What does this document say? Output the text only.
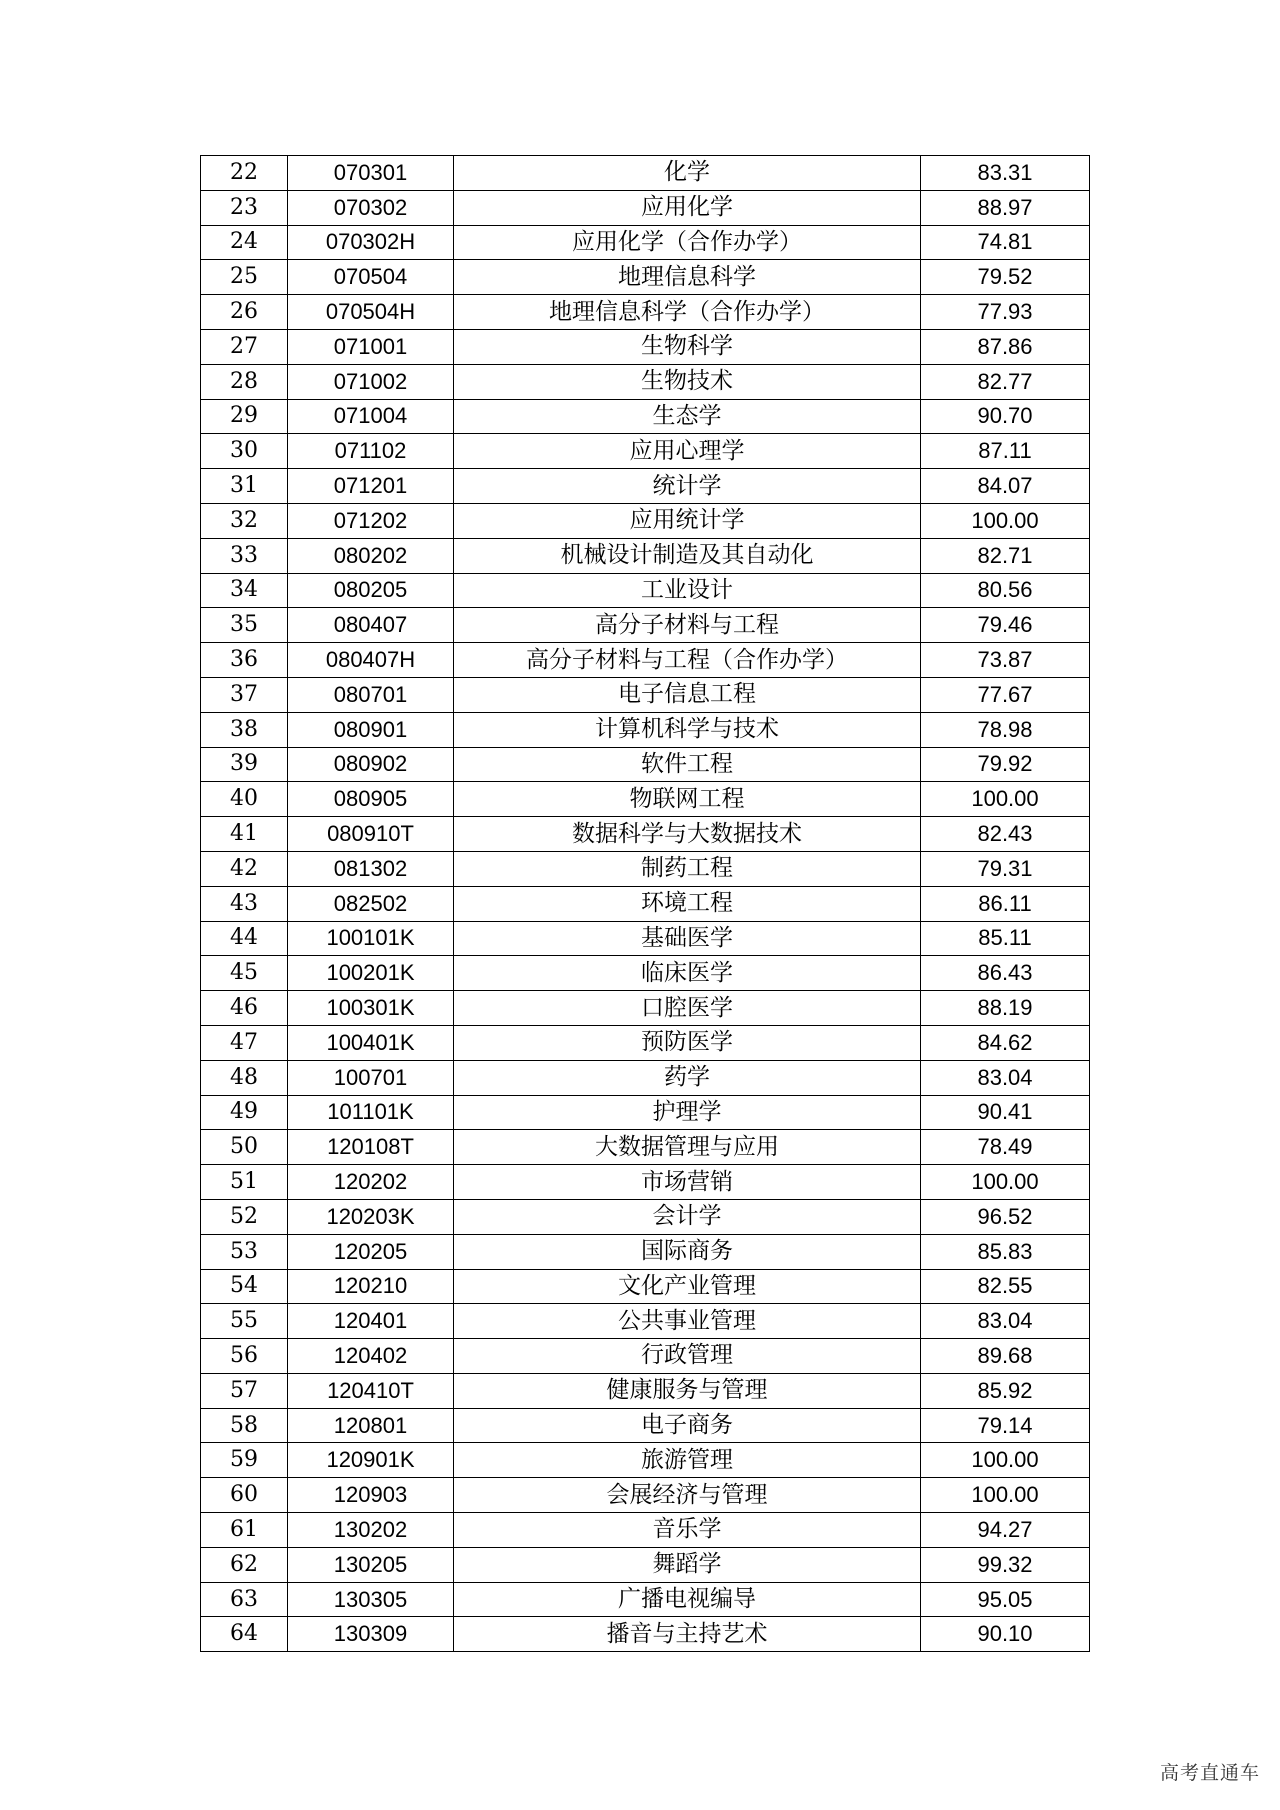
22	070301	化学	83.31
23	070302	应用化学	88.97
24	070302H	应用化学（合作办学）	74.81
25	070504	地理信息科学	79.52
26	070504H	地理信息科学（合作办学）	77.93
27	071001	生物科学	87.86
28	071002	生物技术	82.77
29	071004	生态学	90.70
30	071102	应用心理学	87.11
31	071201	统计学	84.07
32	071202	应用统计学	100.00
33	080202	机械设计制造及其自动化	82.71
34	080205	工业设计	80.56
35	080407	高分子材料与工程	79.46
36	080407H	高分子材料与工程（合作办学）	73.87
37	080701	电子信息工程	77.67
38	080901	计算机科学与技术	78.98
39	080902	软件工程	79.92
40	080905	物联网工程	100.00
41	080910T	数据科学与大数据技术	82.43
42	081302	制药工程	79.31
43	082502	环境工程	86.11
44	100101K	基础医学	85.11
45	100201K	临床医学	86.43
46	100301K	口腔医学	88.19
47	100401K	预防医学	84.62
48	100701	药学	83.04
49	101101K	护理学	90.41
50	120108T	大数据管理与应用	78.49
51	120202	市场营销	100.00
52	120203K	会计学	96.52
53	120205	国际商务	85.83
54	120210	文化产业管理	82.55
55	120401	公共事业管理	83.04
56	120402	行政管理	89.68
57	120410T	健康服务与管理	85.92
58	120801	电子商务	79.14
59	120901K	旅游管理	100.00
60	120903	会展经济与管理	100.00
61	130202	音乐学	94.27
62	130205	舞蹈学	99.32
63	130305	广播电视编导	95.05
64	130309	播音与主持艺术	90.10
高考直通车
